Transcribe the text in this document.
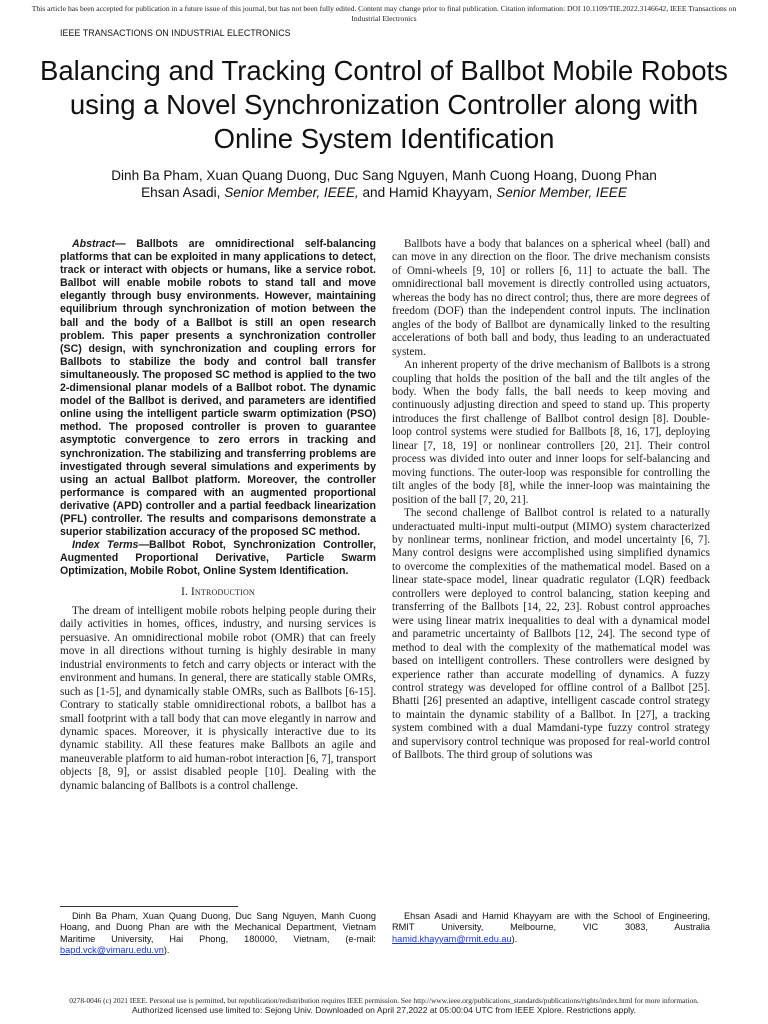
This article has been accepted for publication in a future issue of this journal, but has not been fully edited. Content may change prior to final publication. Citation information: DOI 10.1109/TIE.2022.3146642, IEEE Transactions on Industrial Electronics
IEEE TRANSACTIONS ON INDUSTRIAL ELECTRONICS
Balancing and Tracking Control of Ballbot Mobile Robots using a Novel Synchronization Controller along with Online System Identification
Dinh Ba Pham, Xuan Quang Duong, Duc Sang Nguyen, Manh Cuong Hoang, Duong Phan
Ehsan Asadi, Senior Member, IEEE, and Hamid Khayyam, Senior Member, IEEE

Abstract— Ballbots are omnidirectional self-balancing platforms that can be exploited in many applications to detect, track or interact with objects or humans, like a service robot. Ballbot will enable mobile robots to stand tall and move elegantly through busy environments. However, maintaining equilibrium through synchronization of motion between the ball and the body of a Ballbot is still an open research problem. This paper presents a synchronization controller (SC) design, with synchronization and coupling errors for Ballbots to stabilize the body and control ball transfer simultaneously. The proposed SC method is applied to the two 2-dimensional planar models of a Ballbot robot. The dynamic model of the Ballbot is derived, and parameters are identified online using the intelligent particle swarm optimization (PSO) method. The proposed controller is proven to guarantee asymptotic convergence to zero errors in tracking and synchronization. The stabilizing and transferring problems are investigated through several simulations and experiments by using an actual Ballbot platform. Moreover, the controller performance is compared with an augmented proportional derivative (APD) controller and a partial feedback linearization (PFL) controller. The results and comparisons demonstrate a superior stabilization accuracy of the proposed SC method.

Index Terms—Ballbot Robot, Synchronization Controller, Augmented Proportional Derivative, Particle Swarm Optimization, Mobile Robot, Online System Identification.

I. Introduction

The dream of intelligent mobile robots helping people during their daily activities in homes, offices, industry, and nursing services is persuasive. An omnidirectional mobile robot (OMR) that can freely move in all directions without turning is highly desirable in many industrial environments to fetch and carry objects or interact with the environment and humans. In general, there are statically stable OMRs, such as [1-5], and dynamically stable OMRs, such as Ballbots [6-15]. Contrary to statically stable omnidirectional robots, a ballbot has a small footprint with a tall body that can move elegantly in narrow and dynamic spaces. Moreover, it is physically interactive due to its dynamic stability. All these features make Ballbots an agile and maneuverable platform to aid human-robot interaction [6, 7], transport objects [8, 9], or assist disabled people [10]. Dealing with the dynamic balancing of Ballbots is a control challenge.

Ballbots have a body that balances on a spherical wheel (ball) and can move in any direction on the floor. The drive mechanism consists of Omni-wheels [9, 10] or rollers [6, 11] to actuate the ball. The omnidirectional ball movement is directly controlled using actuators, whereas the body has no direct control; thus, there are more degrees of freedom (DOF) than the independent control inputs. The inclination angles of the body of Ballbot are dynamically linked to the resulting accelerations of both ball and body, thus leading to an underactuated system.

An inherent property of the drive mechanism of Ballbots is a strong coupling that holds the position of the ball and the tilt angles of the body. When the body falls, the ball needs to keep moving and continuously adjusting direction and speed to stand up. This property introduces the first challenge of Ballbot control design [8]. Double-loop control systems were studied for Ballbots [8, 16, 17], deploying linear [7, 18, 19] or nonlinear controllers [20, 21]. Their control process was divided into outer and inner loops for self-balancing and moving functions. The outer-loop was responsible for controlling the tilt angles of the body [8], while the inner-loop was maintaining the position of the ball [7, 20, 21].

The second challenge of Ballbot control is related to a naturally underactuated multi-input multi-output (MIMO) system characterized by nonlinear terms, nonlinear friction, and model uncertainty [6, 7]. Many control designs were accomplished using simplified dynamics to overcome the complexities of the mathematical model. Based on a linear state-space model, linear quadratic regulator (LQR) feedback controllers were deployed to control balancing, station keeping and transferring of the Ballbots [14, 22, 23]. Robust control approaches were using linear matrix inequalities to deal with a dynamical model and parametric uncertainty of Ballbots [12, 24]. The second type of method to deal with the complexity of the mathematical model was based on intelligent controllers. These controllers were designed by experience rather than accurate modelling of dynamics. A fuzzy control strategy was developed for offline control of a Ballbot [25]. Bhatti [26] presented an adaptive, intelligent cascade control strategy to maintain the dynamic stability of a Ballbot. In [27], a tracking system combined with a dual Mamdani-type fuzzy control strategy and supervisory control technique was proposed for real-world control of Ballbots. The third group of solutions was

Dinh Ba Pham, Xuan Quang Duong, Duc Sang Nguyen, Manh Cuong Hoang, and Duong Phan are with the Mechanical Department, Vietnam Maritime University, Hai Phong, 180000, Vietnam, (e-mail: bapd.vck@vimaru.edu.vn).
Ehsan Asadi and Hamid Khayyam are with the School of Engineering, RMIT University, Melbourne, VIC 3083, Australia hamid.khayyam@rmit.edu.au).
0278-0046 (c) 2021 IEEE. Personal use is permitted, but republication/redistribution requires IEEE permission. See http://www.ieee.org/publications_standards/publications/rights/index.html for more information.
Authorized licensed use limited to: Sejong Univ. Downloaded on April 27,2022 at 05:00:04 UTC from IEEE Xplore. Restrictions apply.
